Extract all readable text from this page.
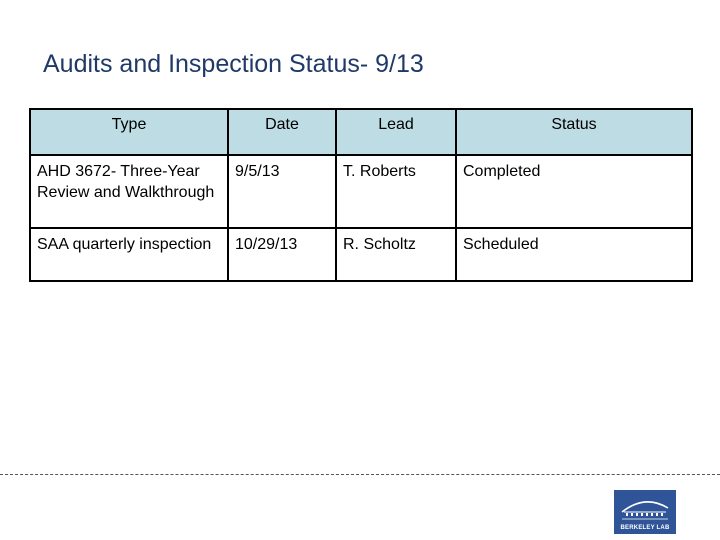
Audits and Inspection Status- 9/13
Type	Date	Lead	Status
AHD 3672- Three-Year Review and Walkthrough	9/5/13	T. Roberts	Completed
SAA quarterly inspection	10/29/13	R. Scholtz	Scheduled
BERKELEY LAB
